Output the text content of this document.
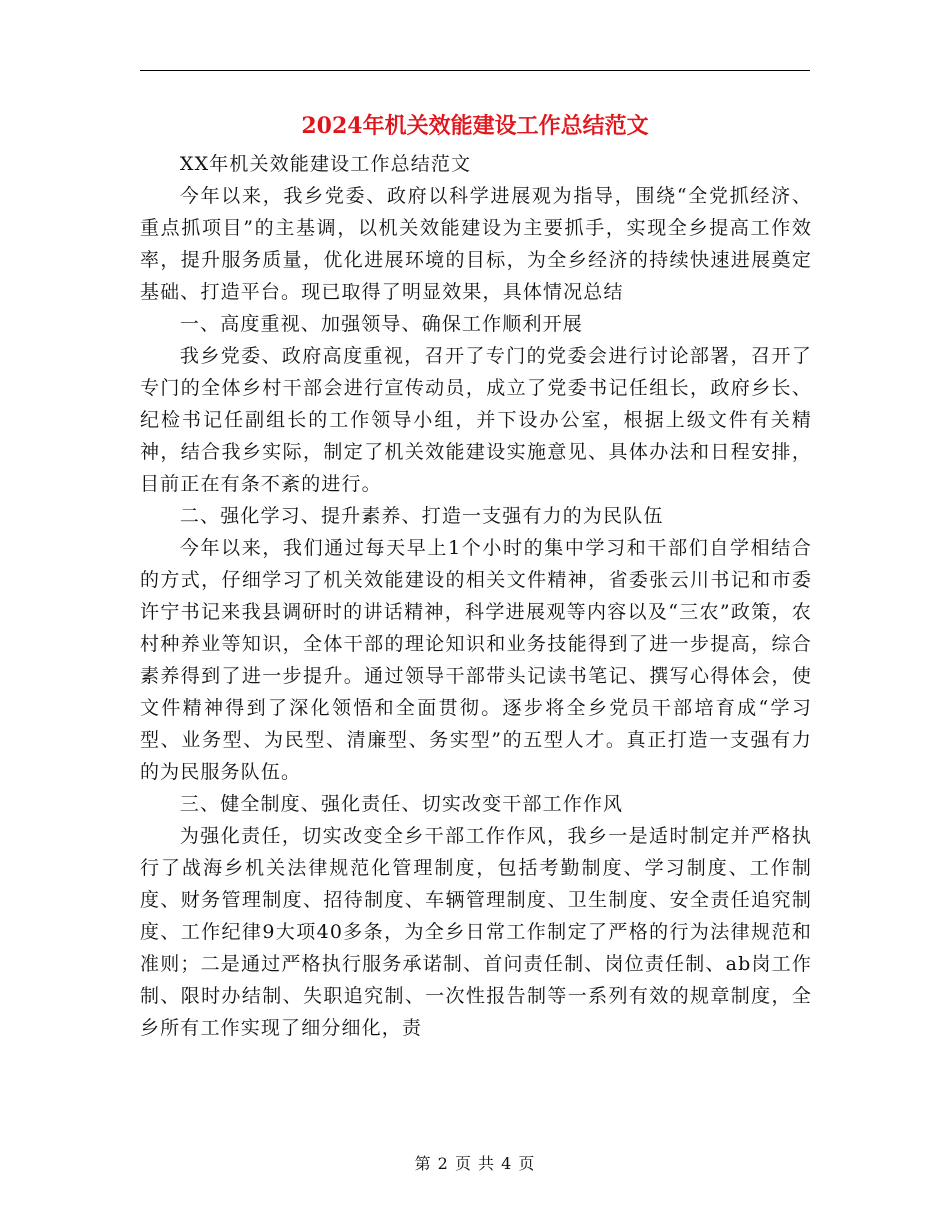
2024年机关效能建设工作总结范文

XX年机关效能建设工作总结范文

今年以来，我乡党委、政府以科学进展观为指导，围绕“全党抓经济、重点抓项目”的主基调，以机关效能建设为主要抓手，实现全乡提高工作效率，提升服务质量，优化进展环境的目标，为全乡经济的持续快速进展奠定基础、打造平台。现已取得了明显效果，具体情况总结

一、高度重视、加强领导、确保工作顺利开展

我乡党委、政府高度重视，召开了专门的党委会进行讨论部署，召开了专门的全体乡村干部会进行宣传动员，成立了党委书记任组长，政府乡长、纪检书记任副组长的工作领导小组，并下设办公室，根据上级文件有关精神，结合我乡实际，制定了机关效能建设实施意见、具体办法和日程安排，目前正在有条不紊的进行。

二、强化学习、提升素养、打造一支强有力的为民队伍

今年以来，我们通过每天早上1个小时的集中学习和干部们自学相结合的方式，仔细学习了机关效能建设的相关文件精神，省委张云川书记和市委许宁书记来我县调研时的讲话精神，科学进展观等内容以及“三农”政策，农村种养业等知识，全体干部的理论知识和业务技能得到了进一步提高，综合素养得到了进一步提升。通过领导干部带头记读书笔记、撰写心得体会，使文件精神得到了深化领悟和全面贯彻。逐步将全乡党员干部培育成“学习型、业务型、为民型、清廉型、务实型”的五型人才。真正打造一支强有力的为民服务队伍。

三、健全制度、强化责任、切实改变干部工作作风

为强化责任，切实改变全乡干部工作作风，我乡一是适时制定并严格执行了战海乡机关法律规范化管理制度，包括考勤制度、学习制度、工作制度、财务管理制度、招待制度、车辆管理制度、卫生制度、安全责任追究制度、工作纪律9大项40多条，为全乡日常工作制定了严格的行为法律规范和准则；二是通过严格执行服务承诺制、首问责任制、岗位责任制、ab岗工作制、限时办结制、失职追究制、一次性报告制等一系列有效的规章制度，全乡所有工作实现了细分细化，责

第 2 页 共 4 页
